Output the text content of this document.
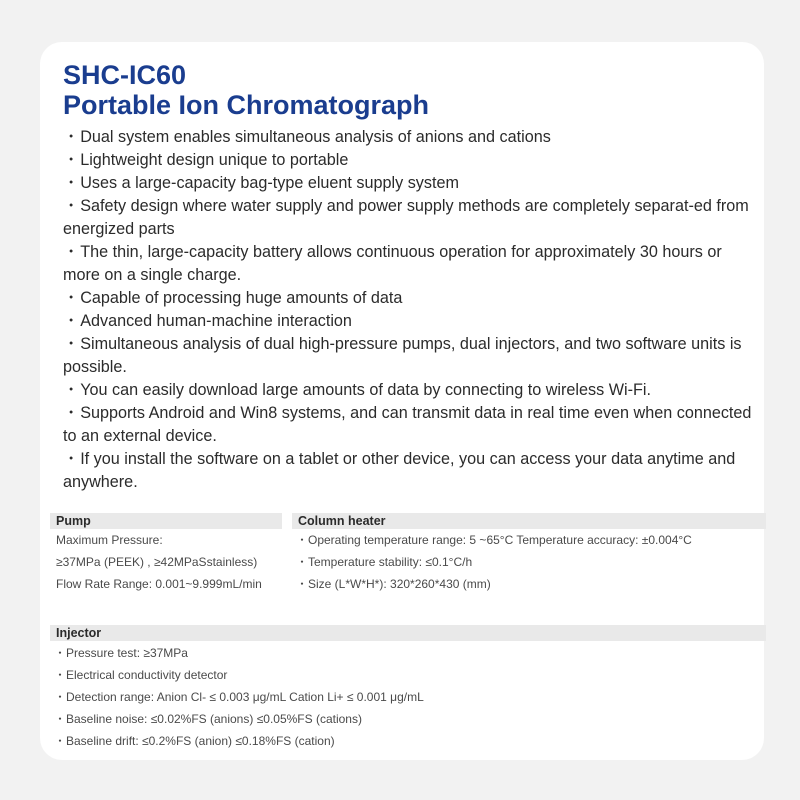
SHC-IC60
Portable Ion Chromatograph
・Dual system enables simultaneous analysis of anions and cations
・Lightweight design unique to portable
・Uses a large-capacity bag-type eluent supply system
・Safety design where water supply and power supply methods are completely separat-ed from energized parts
・The thin, large-capacity battery allows continuous operation for approximately 30 hours or more on a single charge.
・Capable of processing huge amounts of data
・Advanced human-machine interaction
・Simultaneous analysis of dual high-pressure pumps, dual injectors, and two software units is possible.
・You can easily download large amounts of data by connecting to wireless Wi-Fi.
・Supports Android and Win8 systems, and can transmit data in real time even when connected to an external device.
・If you install the software on a tablet or other device, you can access your data anytime and anywhere.
Pump
Maximum Pressure:
≥37MPa (PEEK) , ≥42MPaSstainless)
Flow Rate Range: 0.001~9.999mL/min
Column heater
・Operating temperature range: 5 ~65°C Temperature accuracy: ±0.004°C
・Temperature stability: ≤0.1°C/h
・Size (L*W*H*): 320*260*430 (mm)
Injector
・Pressure test: ≥37MPa
・Electrical conductivity detector
・Detection range: Anion Cl- ≤ 0.003 μg/mL Cation Li+ ≤ 0.001 μg/mL
・Baseline noise: ≤0.02%FS (anions) ≤0.05%FS (cations)
・Baseline drift: ≤0.2%FS (anion) ≤0.18%FS (cation)
